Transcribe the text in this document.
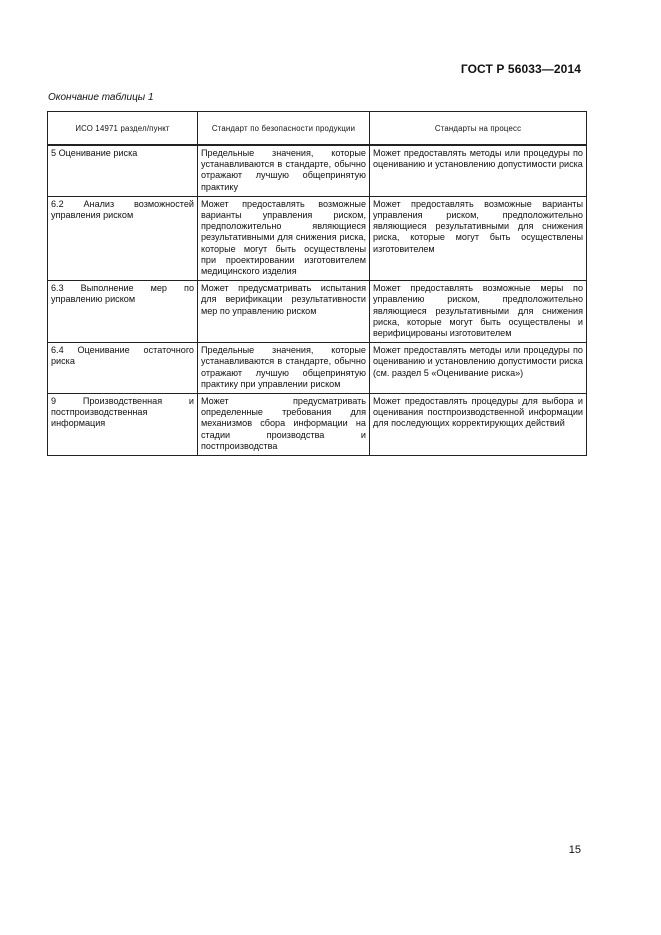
ГОСТ Р 56033—2014
Окончание таблицы 1
ИСО 14971 раздел/пункт	Стандарт по безопасности продукции	Стандарты на процесс
5 Оценивание риска	Предельные значения, которые устанавливаются в стандарте, обычно отражают лучшую общепринятую практику	Может предоставлять методы или процедуры по оцениванию и установлению допустимости риска
6.2 Анализ возможностей управления риском	Может предоставлять возможные варианты управления риском, предположительно являющиеся результативными для снижения риска, которые могут быть осуществлены при проектировании изготовителем медицинского изделия	Может предоставлять возможные варианты управления риском, предположительно являющиеся результативными для снижения риска, которые могут быть осуществлены изготовителем
6.3 Выполнение мер по управлению риском	Может предусматривать испытания для верификации результативности мер по управлению риском	Может предоставлять возможные меры по управлению риском, предположительно являющиеся результативными для снижения риска, которые могут быть осуществлены и верифицированы изготовителем
6.4 Оценивание остаточного риска	Предельные значения, которые устанавливаются в стандарте, обычно отражают лучшую общепринятую практику при управлении риском	Может предоставлять методы или процедуры по оцениванию и установлению допустимости риска (см. раздел 5 «Оценивание риска»)
9 Производственная и постпроизводственная информация	Может предусматривать определенные требования для механизмов сбора информации на стадии производства и постпроизводства	Может предоставлять процедуры для выбора и оценивания постпроизводственной информации для последующих корректирующих действий
15
